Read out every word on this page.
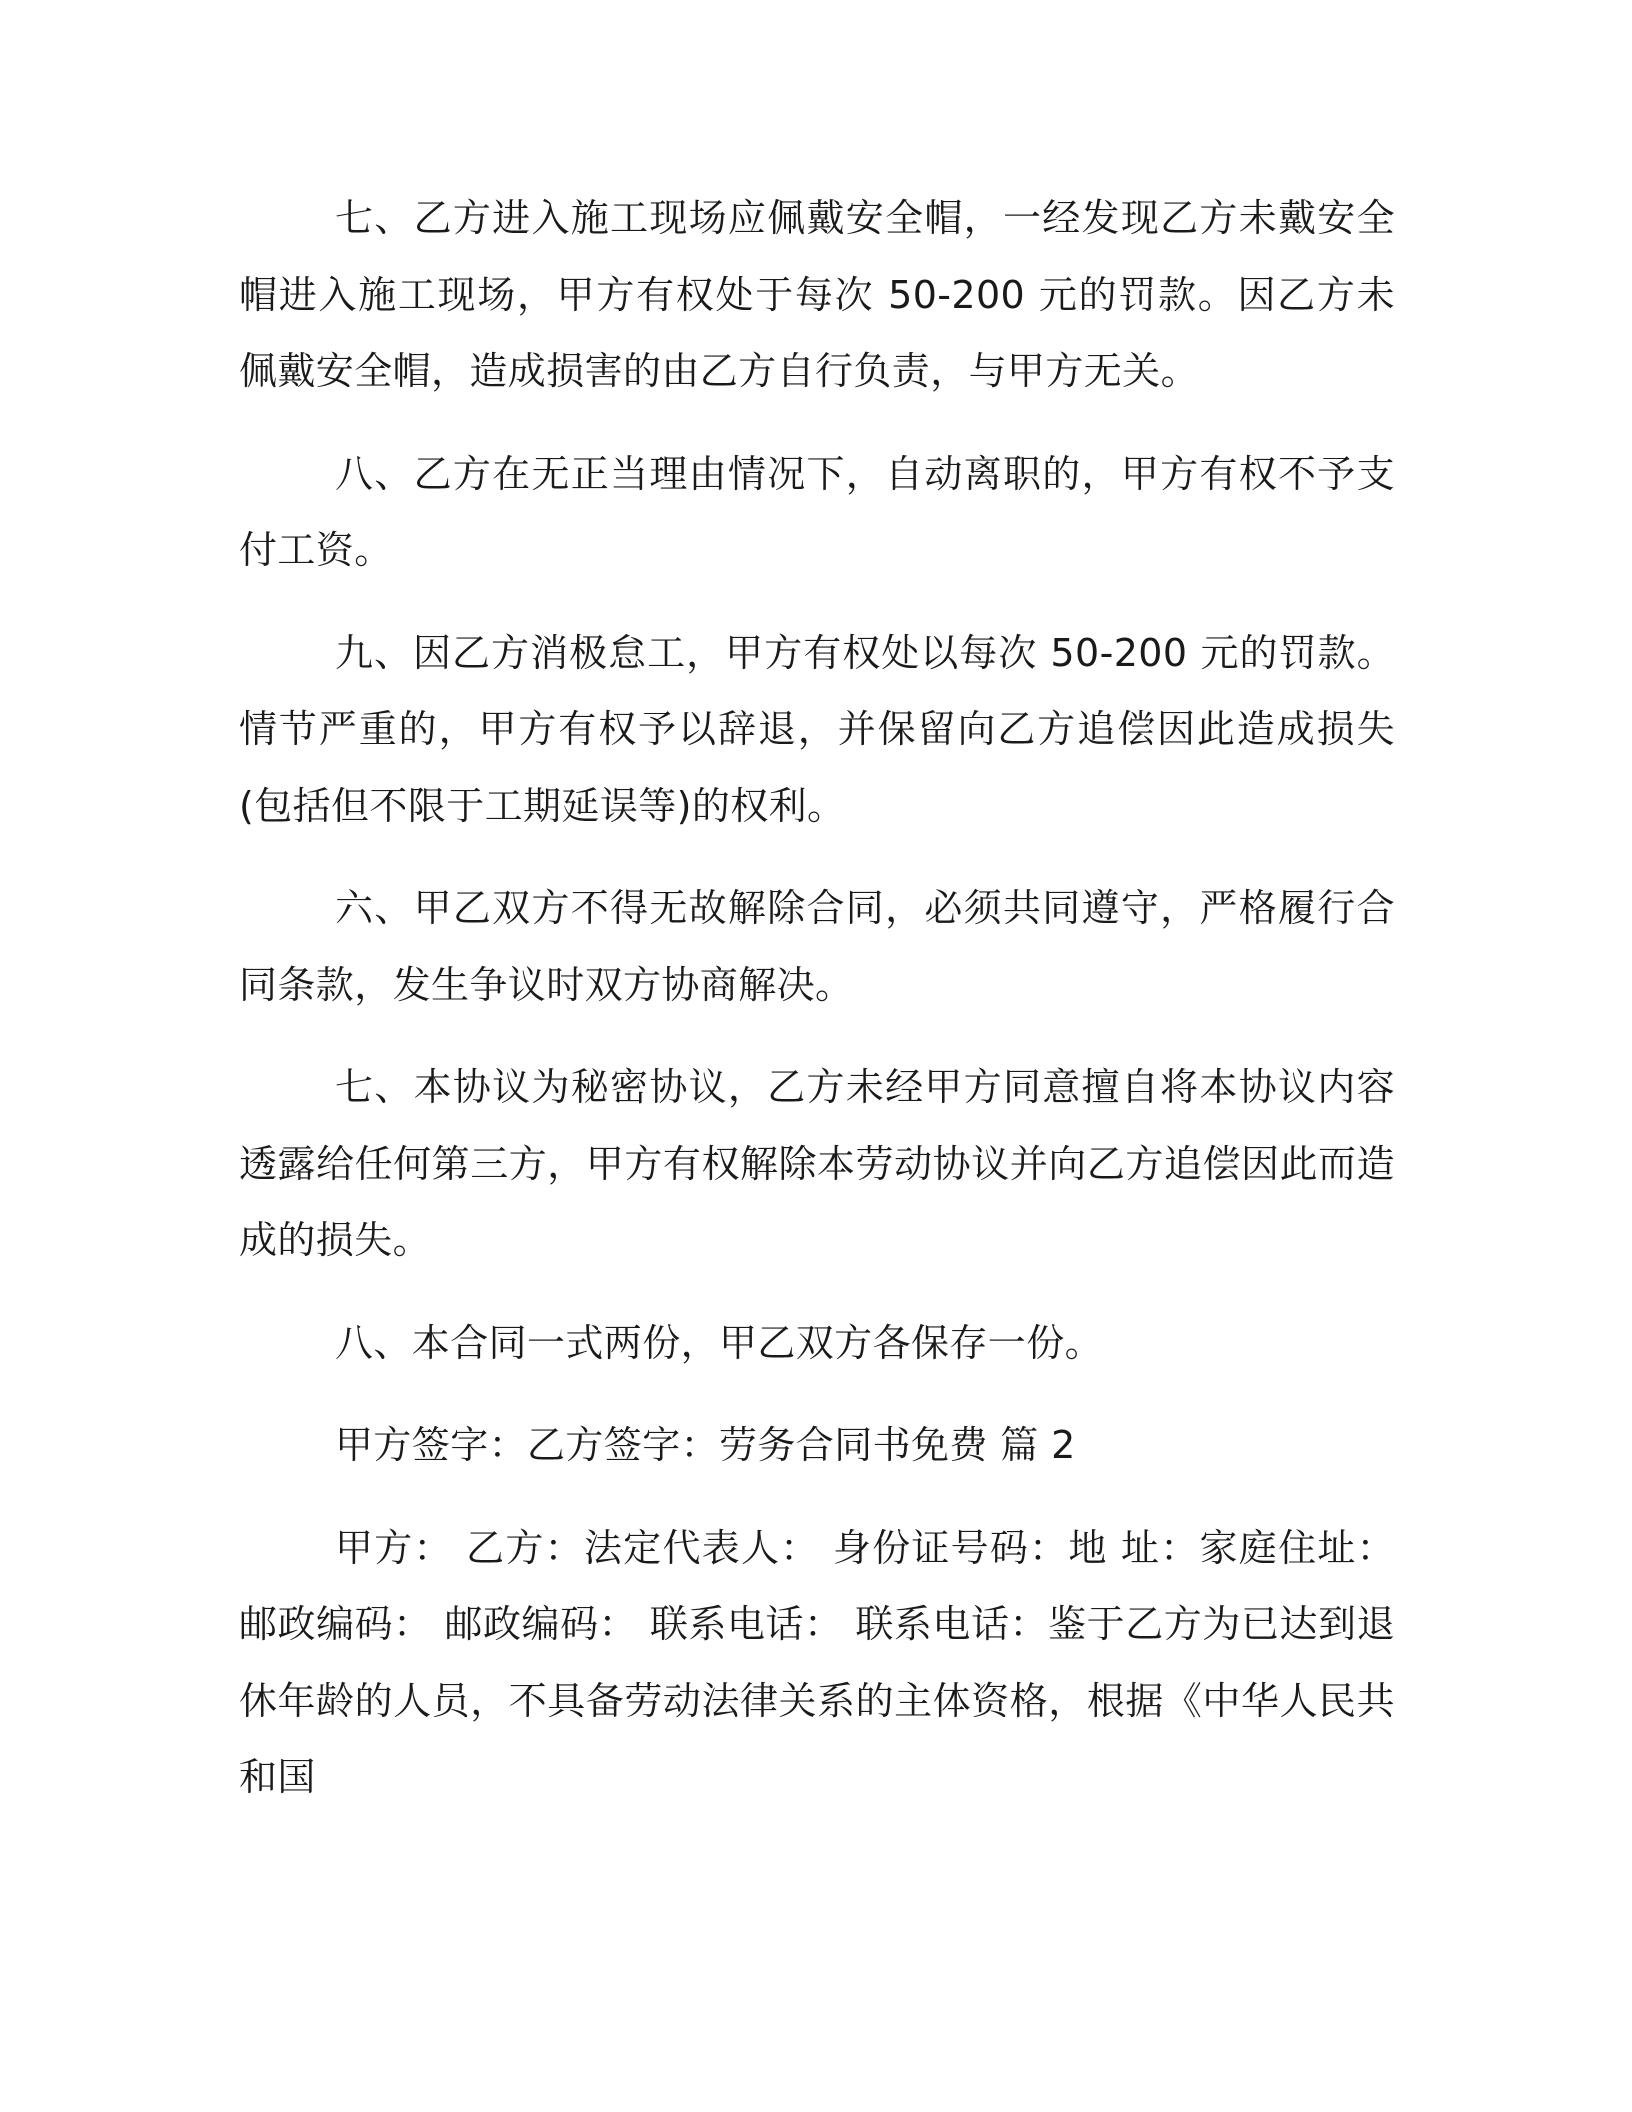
七、乙方进入施工现场应佩戴安全帽，一经发现乙方未戴安全帽进入施工现场，甲方有权处于每次 50-200 元的罚款。因乙方未佩戴安全帽，造成损害的由乙方自行负责，与甲方无关。

八、乙方在无正当理由情况下，自动离职的，甲方有权不予支付工资。

九、因乙方消极怠工，甲方有权处以每次 50-200 元的罚款。情节严重的，甲方有权予以辞退，并保留向乙方追偿因此造成损失(包括但不限于工期延误等)的权利。

六、甲乙双方不得无故解除合同，必须共同遵守，严格履行合同条款，发生争议时双方协商解决。

七、本协议为秘密协议，乙方未经甲方同意擅自将本协议内容透露给任何第三方，甲方有权解除本劳动协议并向乙方追偿因此而造成的损失。

八、本合同一式两份，甲乙双方各保存一份。

甲方签字：乙方签字：劳务合同书免费 篇 2

甲方： 乙方：法定代表人： 身份证号码：地 址：家庭住址： 邮政编码： 邮政编码： 联系电话： 联系电话：鉴于乙方为已达到退休年龄的人员，不具备劳动法律关系的主体资格，根据《中华人民共和国
